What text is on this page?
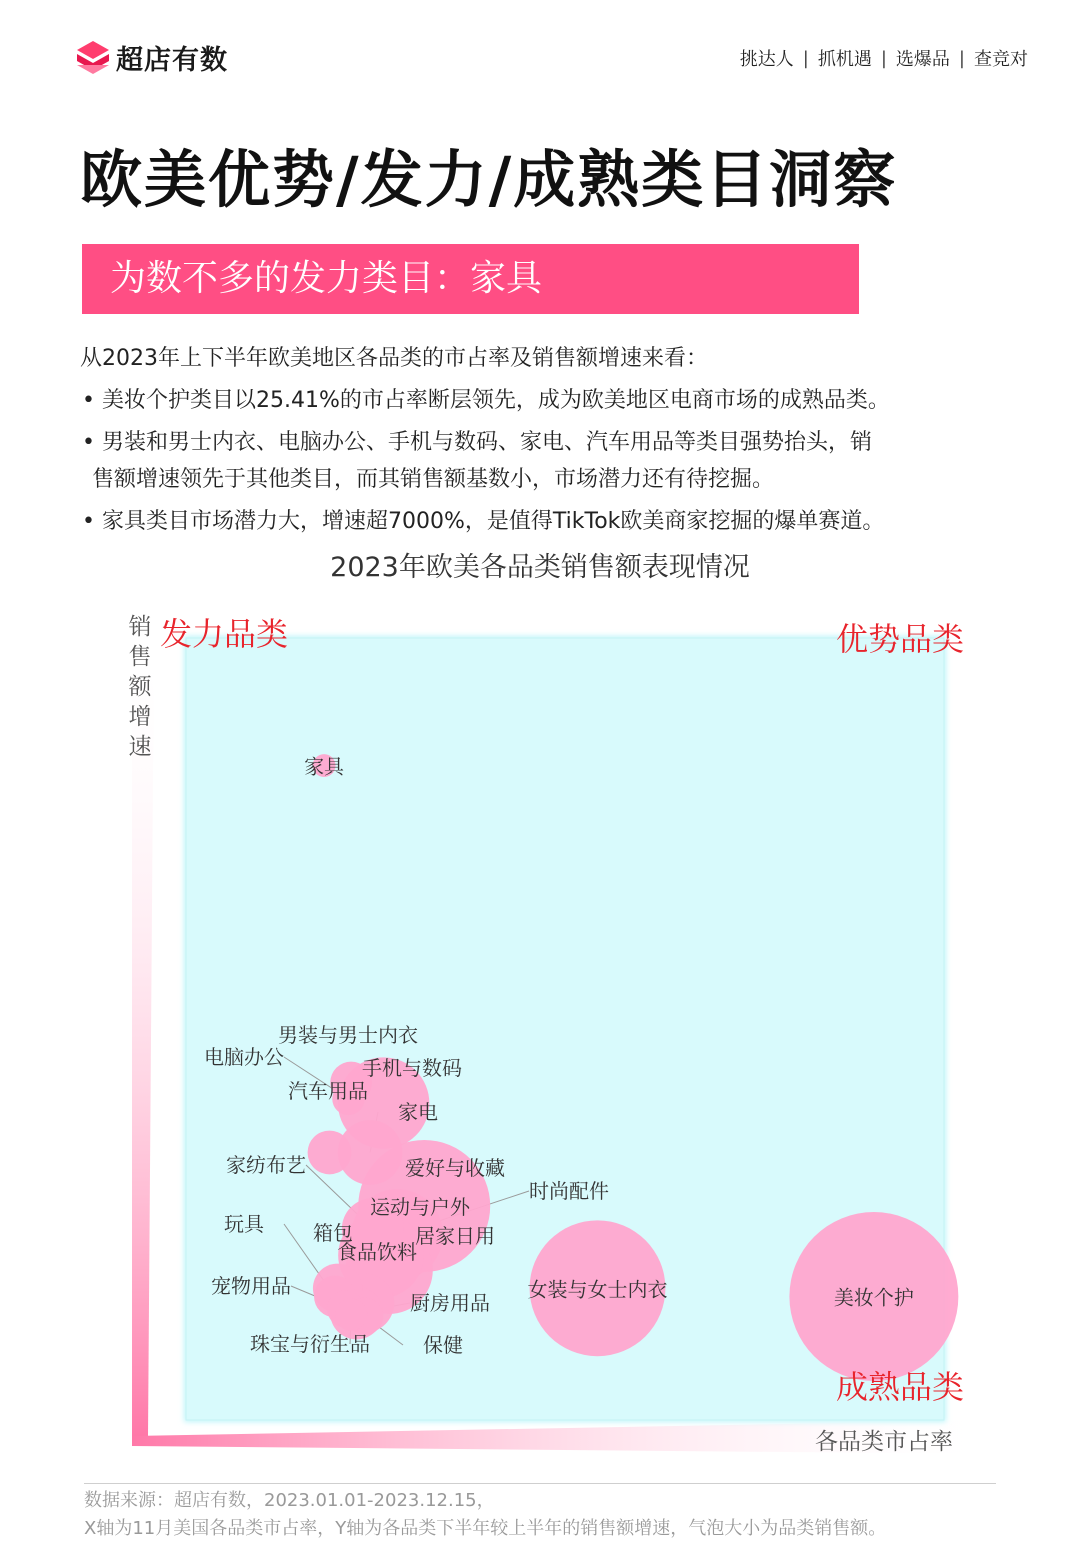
超店有数	挑达人 | 抓机遇 | 选爆品 | 查竞对
欧美优势/发力/成熟类目洞察
为数不多的发力类目：家具

从2023年上下半年欧美地区各品类的市占率及销售额增速来看：

• 美妆个护类目以25.41%的市占率断层领先，成为欧美地区电商市场的成熟品类。
• 男装和男士内衣、电脑办公、手机与数码、家电、汽车用品等类目强势抬头，销
售额增速领先于其他类目，而其销售额基数小，市场潜力还有待挖掘。
• 家具类目市场潜力大，增速超7000%，是值得TikTok欧美商家挖掘的爆单赛道。
2023年欧美各品类销售额表现情况
家具
男装与男士内衣
电脑办公	手机与数码
汽车用品
家电
爱好与收藏
家纺布艺
时尚配件
运动与户外
居家日用
女装与女士内衣
箱包
玩具
食品饮料
宠物用品
厨房用品
珠宝与衍生品	保健
美妆个护
销售额增速
各品类市占率
发力品类	优势品类
成熟品类
数据来源：超店有数，2023.01.01-2023.12.15，
X轴为11月美国各品类市占率，Y轴为各品类下半年较上半年的销售额增速，气泡大小为品类销售额。
